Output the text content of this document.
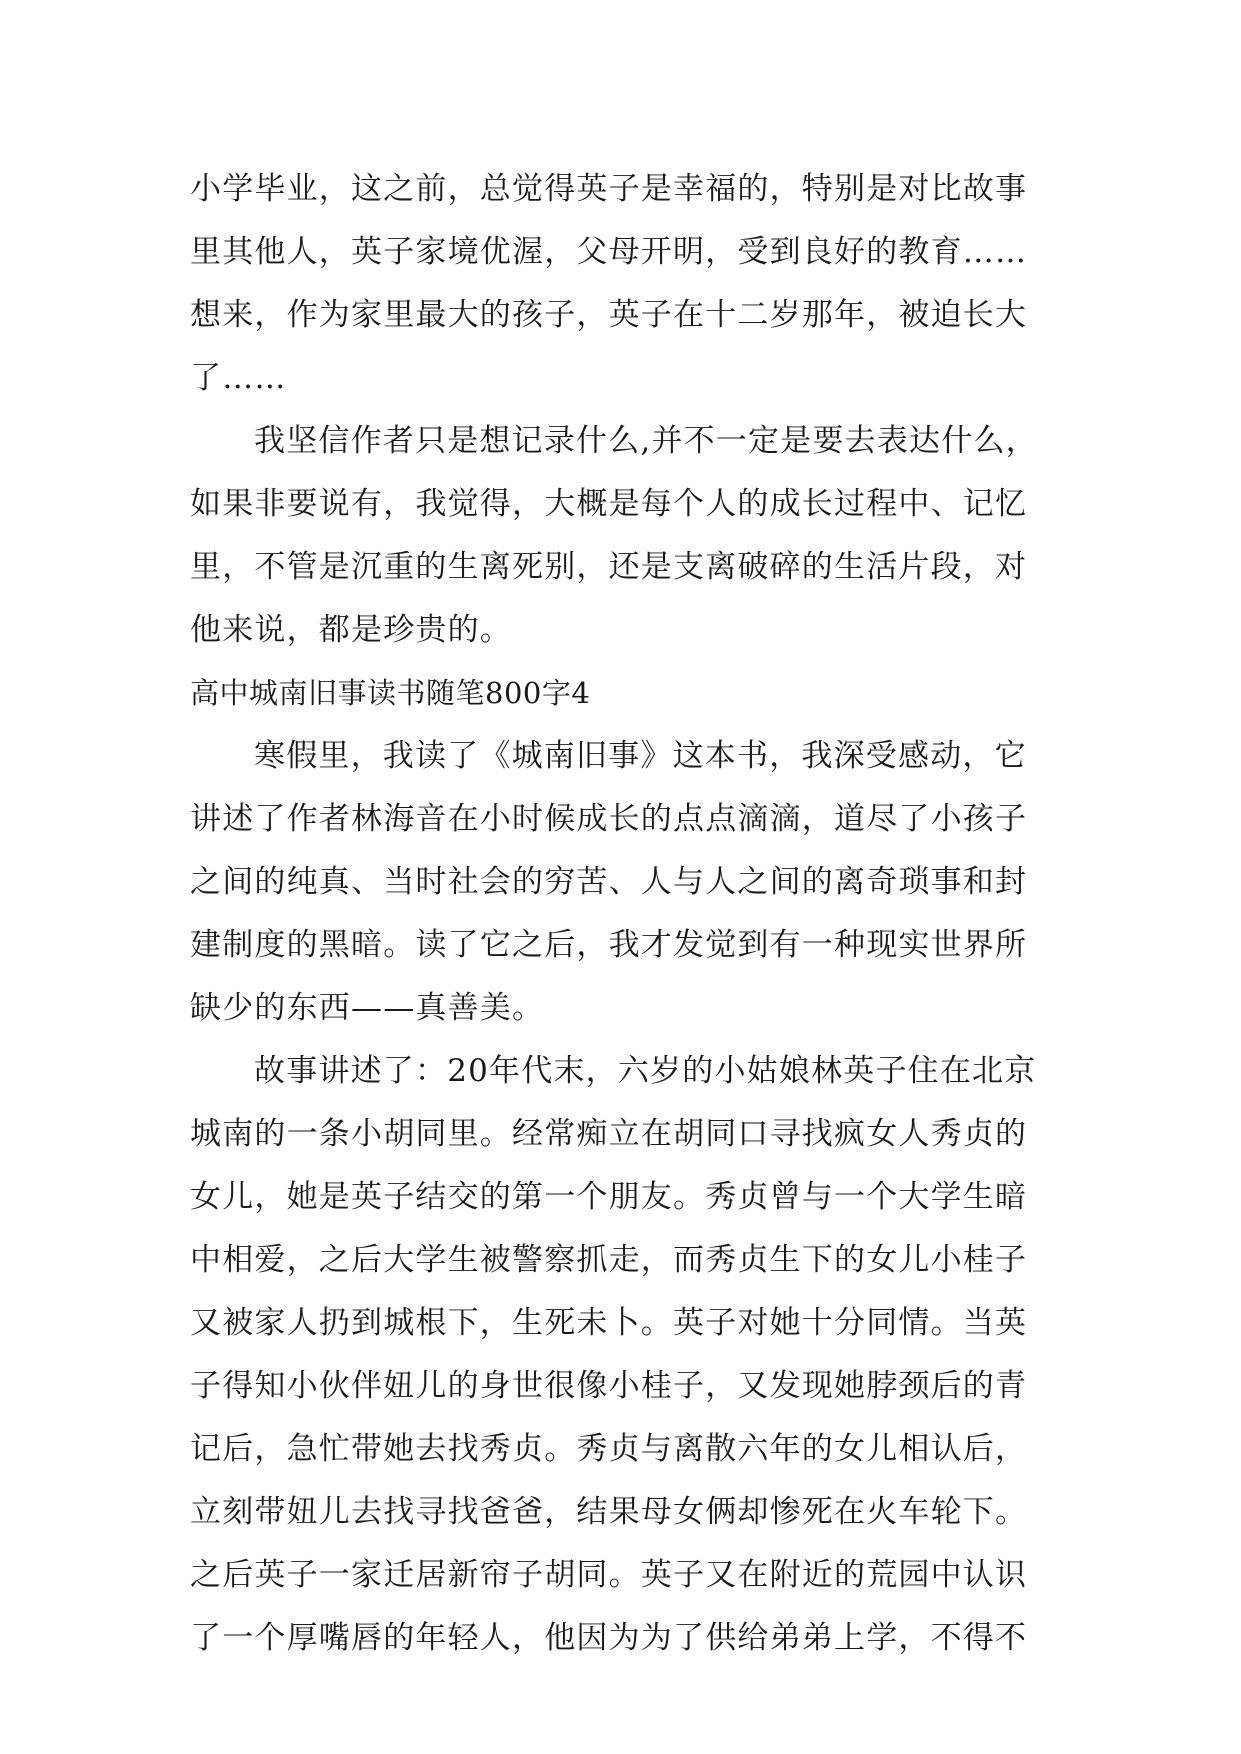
小学毕业，这之前，总觉得英子是幸福的，特别是对比故事
里其他人，英子家境优渥，父母开明，受到良好的教育……
想来，作为家里最大的孩子，英子在十二岁那年，被迫长大
了……
我坚信作者只是想记录什么,并不一定是要去表达什么，
如果非要说有，我觉得，大概是每个人的成长过程中、记忆
里，不管是沉重的生离死别，还是支离破碎的生活片段，对
他来说，都是珍贵的。
高中城南旧事读书随笔800字4
寒假里，我读了《城南旧事》这本书，我深受感动，它
讲述了作者林海音在小时候成长的点点滴滴，道尽了小孩子
之间的纯真、当时社会的穷苦、人与人之间的离奇琐事和封
建制度的黑暗。读了它之后，我才发觉到有一种现实世界所
缺少的东西——真善美。
故事讲述了：20年代末，六岁的小姑娘林英子住在北京
城南的一条小胡同里。经常痴立在胡同口寻找疯女人秀贞的
女儿，她是英子结交的第一个朋友。秀贞曾与一个大学生暗
中相爱，之后大学生被警察抓走，而秀贞生下的女儿小桂子
又被家人扔到城根下，生死未卜。英子对她十分同情。当英
子得知小伙伴妞儿的身世很像小桂子，又发现她脖颈后的青
记后，急忙带她去找秀贞。秀贞与离散六年的女儿相认后，
立刻带妞儿去找寻找爸爸，结果母女俩却惨死在火车轮下。
之后英子一家迁居新帘子胡同。英子又在附近的荒园中认识
了一个厚嘴唇的年轻人，他因为为了供给弟弟上学，不得不
